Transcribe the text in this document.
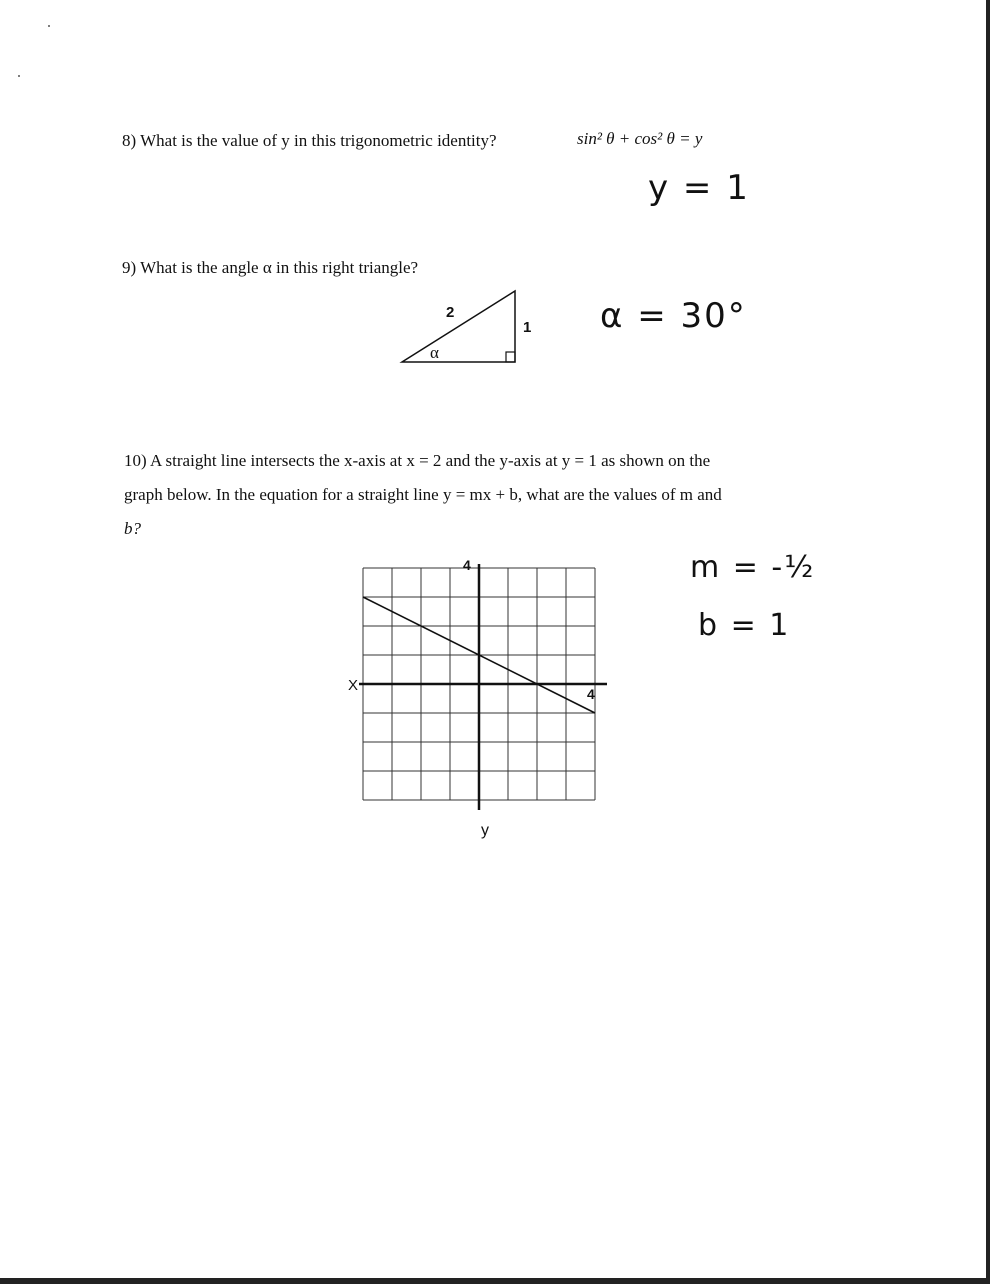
8) What is the value of y in this trigonometric identity?	sin² θ + cos² θ = y
y = 1
9) What is the angle α in this right triangle?
2
1
α
α = 30°
10) A straight line intersects the x-axis at x = 2 and the y-axis at y = 1 as shown on the
graph below. In the equation for a straight line y = mx + b, what are the values of m and
b?
X
y
4
4
m = -½
b = 1
